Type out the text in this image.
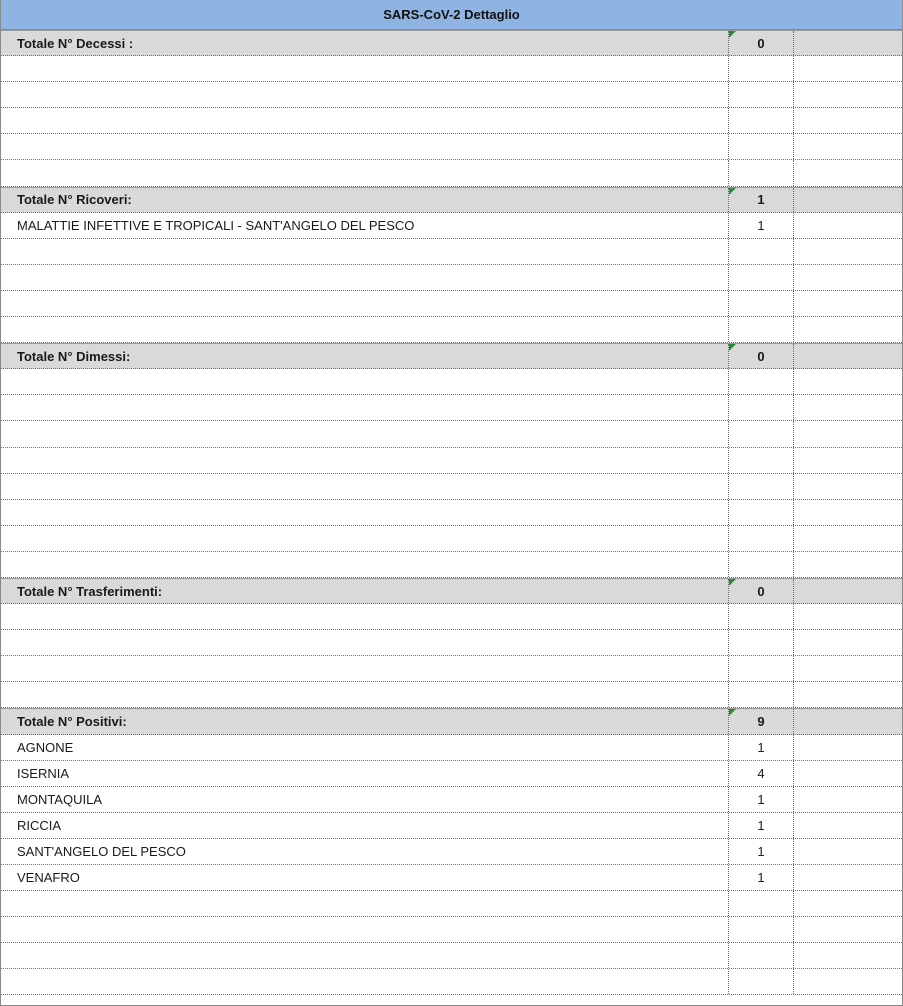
SARS-CoV-2 Dettaglio
Totale N° Decessi :	0
Totale N° Ricoveri:	1
MALATTIE INFETTIVE E TROPICALI - SANT'ANGELO DEL PESCO	1
Totale N° Dimessi:	0
Totale N° Trasferimenti:	0
Totale N° Positivi:	9
AGNONE	1
ISERNIA	4
MONTAQUILA	1
RICCIA	1
SANT'ANGELO DEL PESCO	1
VENAFRO	1
